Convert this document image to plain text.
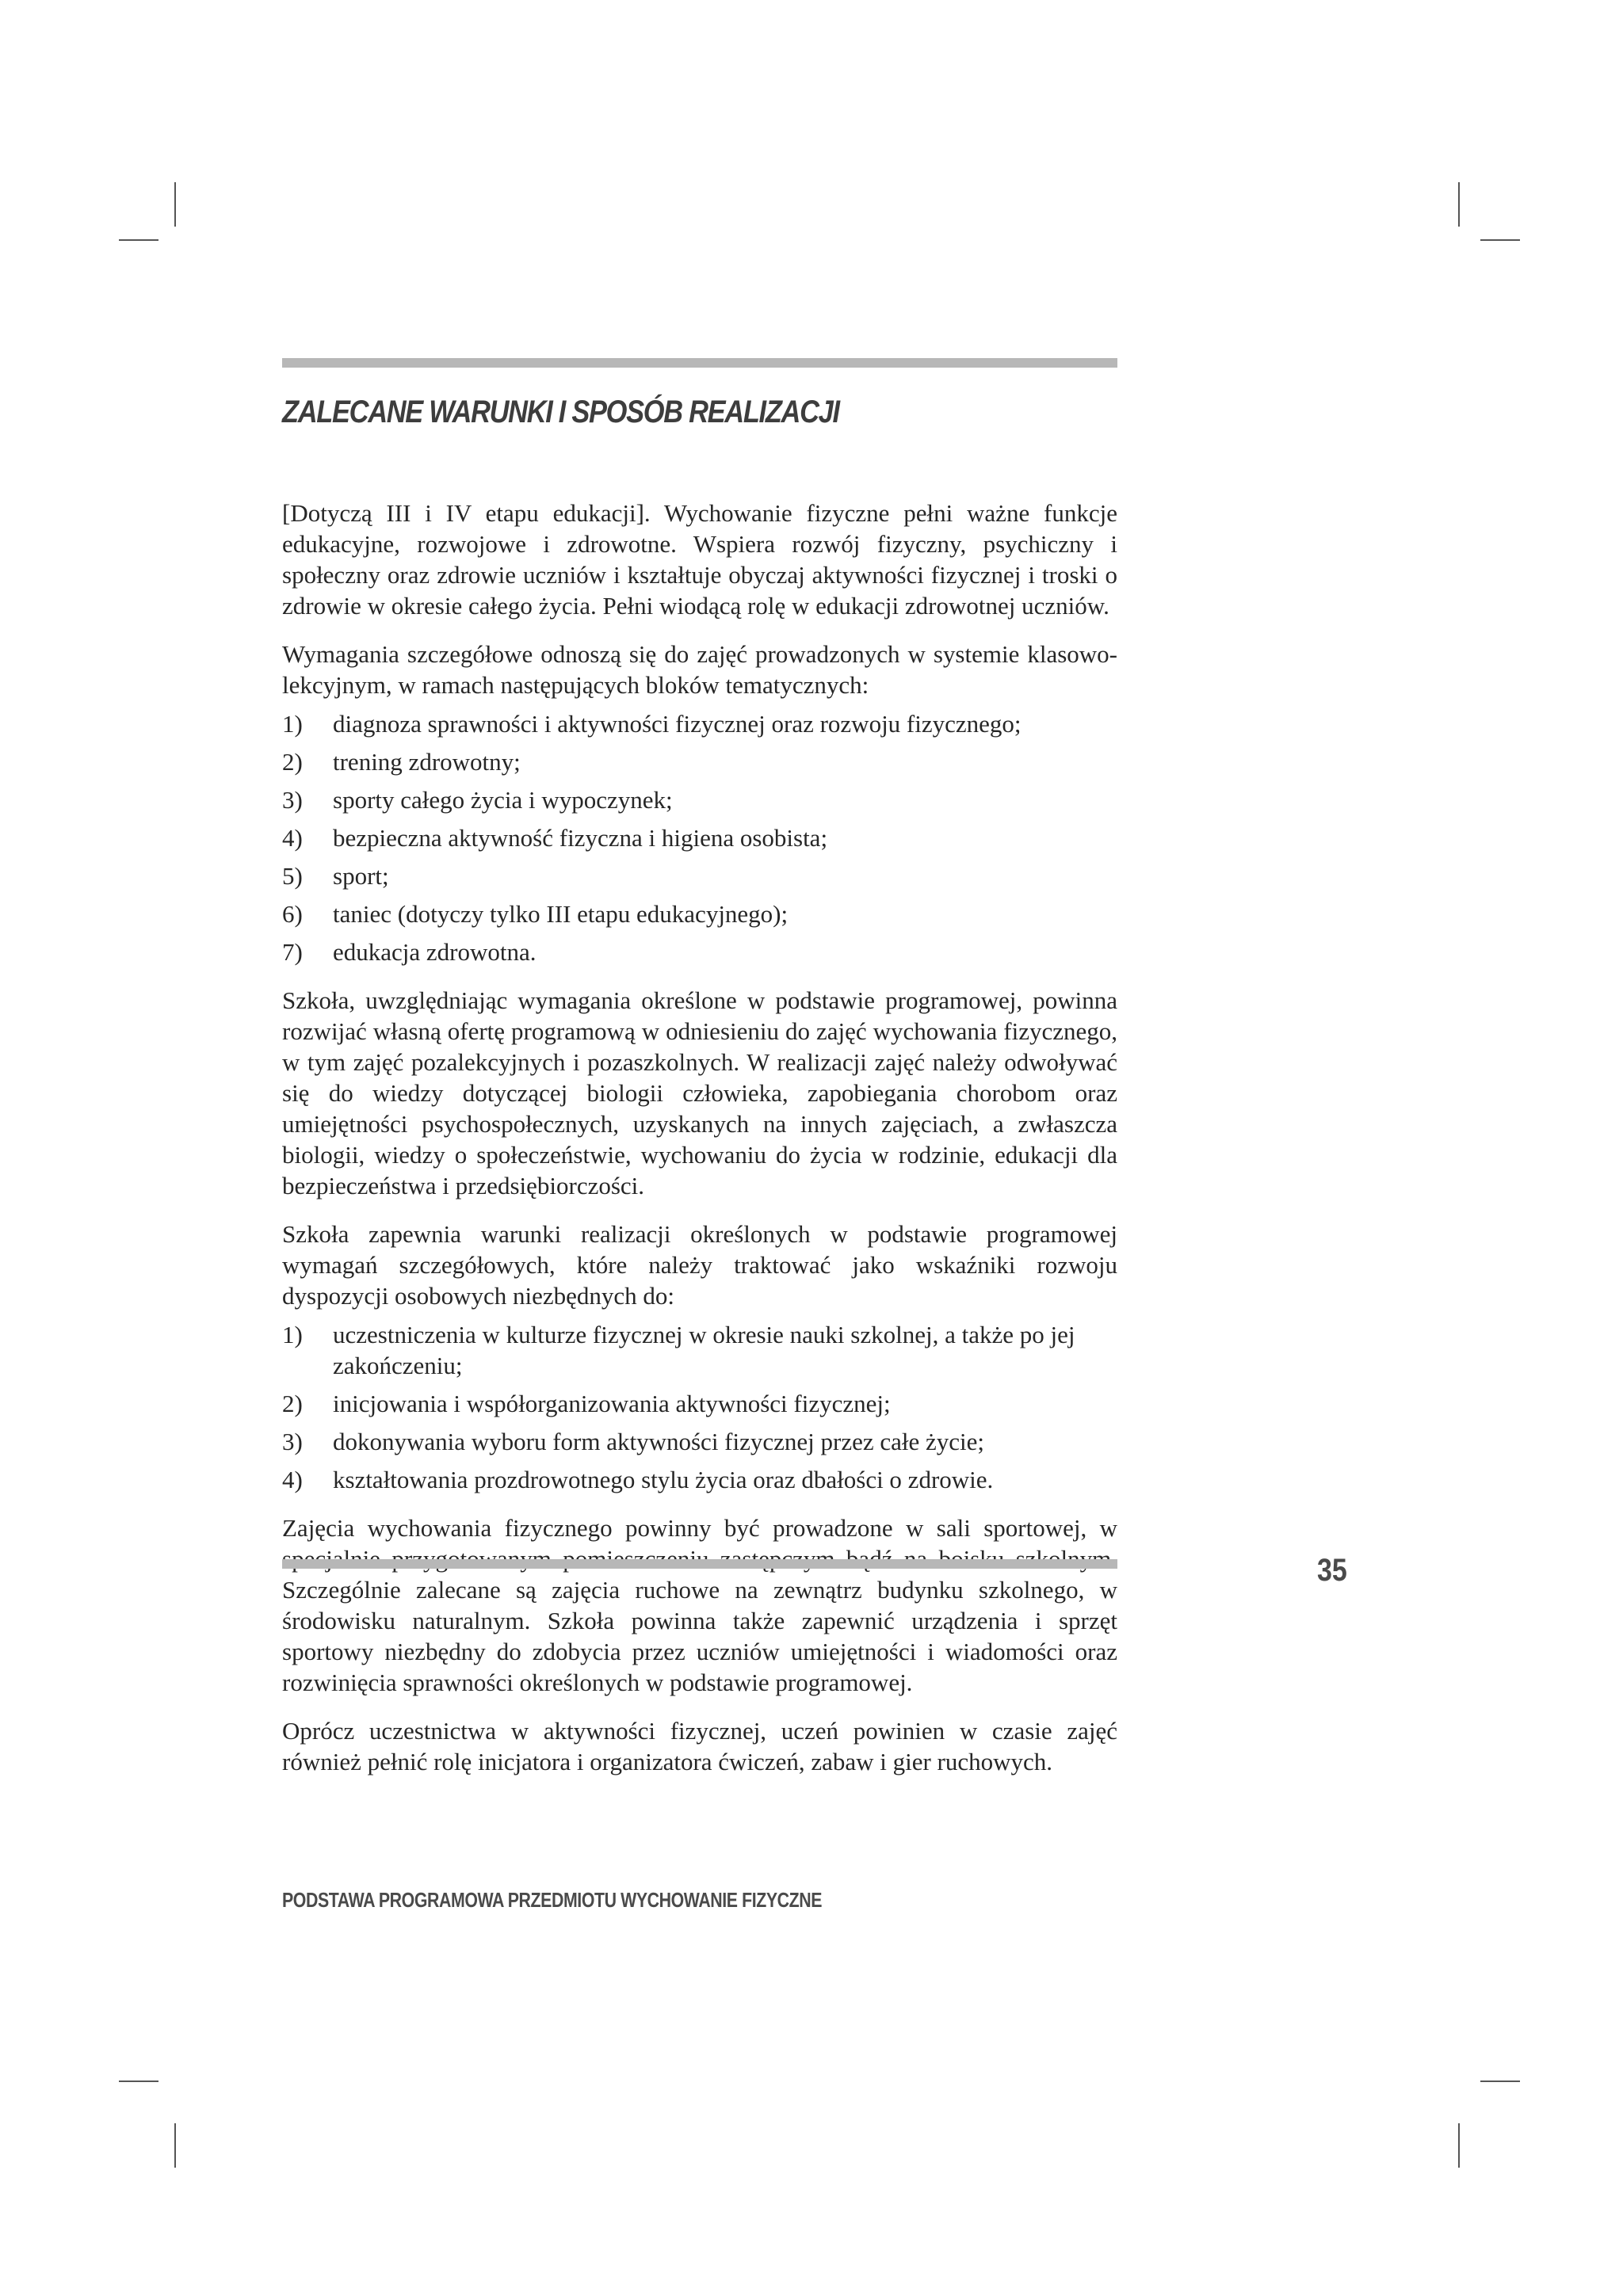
ZALECANE WARUNKI I SPOSÓB REALIZACJI

[Dotyczą III i IV etapu edukacji]. Wychowanie fizyczne pełni ważne funkcje edukacyjne, rozwojowe i zdrowotne. Wspiera rozwój fizyczny, psychiczny i społeczny oraz zdrowie uczniów i kształtuje obyczaj aktywności fizycznej i troski o zdrowie w okresie całego życia. Pełni wiodącą rolę w edukacji zdrowotnej uczniów.

Wymagania szczegółowe odnoszą się do zajęć prowadzonych w systemie klasowo-lekcyjnym, w ramach następujących bloków tematycznych:

1)	diagnoza sprawności i aktywności fizycznej oraz rozwoju fizycznego;
2)	trening zdrowotny;
3)	sporty całego życia i wypoczynek;
4)	bezpieczna aktywność fizyczna i higiena osobista;
5)	sport;
6)	taniec (dotyczy tylko III etapu edukacyjnego);
7)	edukacja zdrowotna.

Szkoła, uwzględniając wymagania określone w podstawie programowej, powinna rozwijać własną ofertę programową w odniesieniu do zajęć wychowania fizycznego, w tym zajęć pozalekcyjnych i pozaszkolnych. W realizacji zajęć należy odwoływać się do wiedzy dotyczącej biologii człowieka, zapobiegania chorobom oraz umiejętności psychospołecznych, uzyskanych na innych zajęciach, a zwłaszcza biologii, wiedzy o społeczeństwie, wychowaniu do życia w rodzinie, edukacji dla bezpieczeństwa i przedsiębiorczości.

Szkoła zapewnia warunki realizacji określonych w podstawie programowej wymagań szczegółowych, które należy traktować jako wskaźniki rozwoju dyspozycji osobowych niezbędnych do:

1)	uczestniczenia w kulturze fizycznej w okresie nauki szkolnej, a także po jej zakończeniu;
2)	inicjowania i współorganizowania aktywności fizycznej;
3)	dokonywania wyboru form aktywności fizycznej przez całe życie;
4)	kształtowania prozdrowotnego stylu życia oraz dbałości o zdrowie.

Zajęcia wychowania fizycznego powinny być prowadzone w sali sportowej, w Szczególnie zalecane są zajęcia ruchowe na zewnątrz budynku szkolnego, w środowisku naturalnym. Szkoła powinna także zapewnić urządzenia i sprzęt sportowy niezbędny do zdobycia przez uczniów umiejętności i wiadomości oraz rozwinięcia sprawności określonych w podstawie programowej.

Oprócz uczestnictwa w aktywności fizycznej, uczeń powinien w czasie zajęć również pełnić rolę inicjatora i organizatora ćwiczeń, zabaw i gier ruchowych.

35
PODSTAWA PROGRAMOWA PRZEDMIOTU WYCHOWANIE FIZYCZNE
